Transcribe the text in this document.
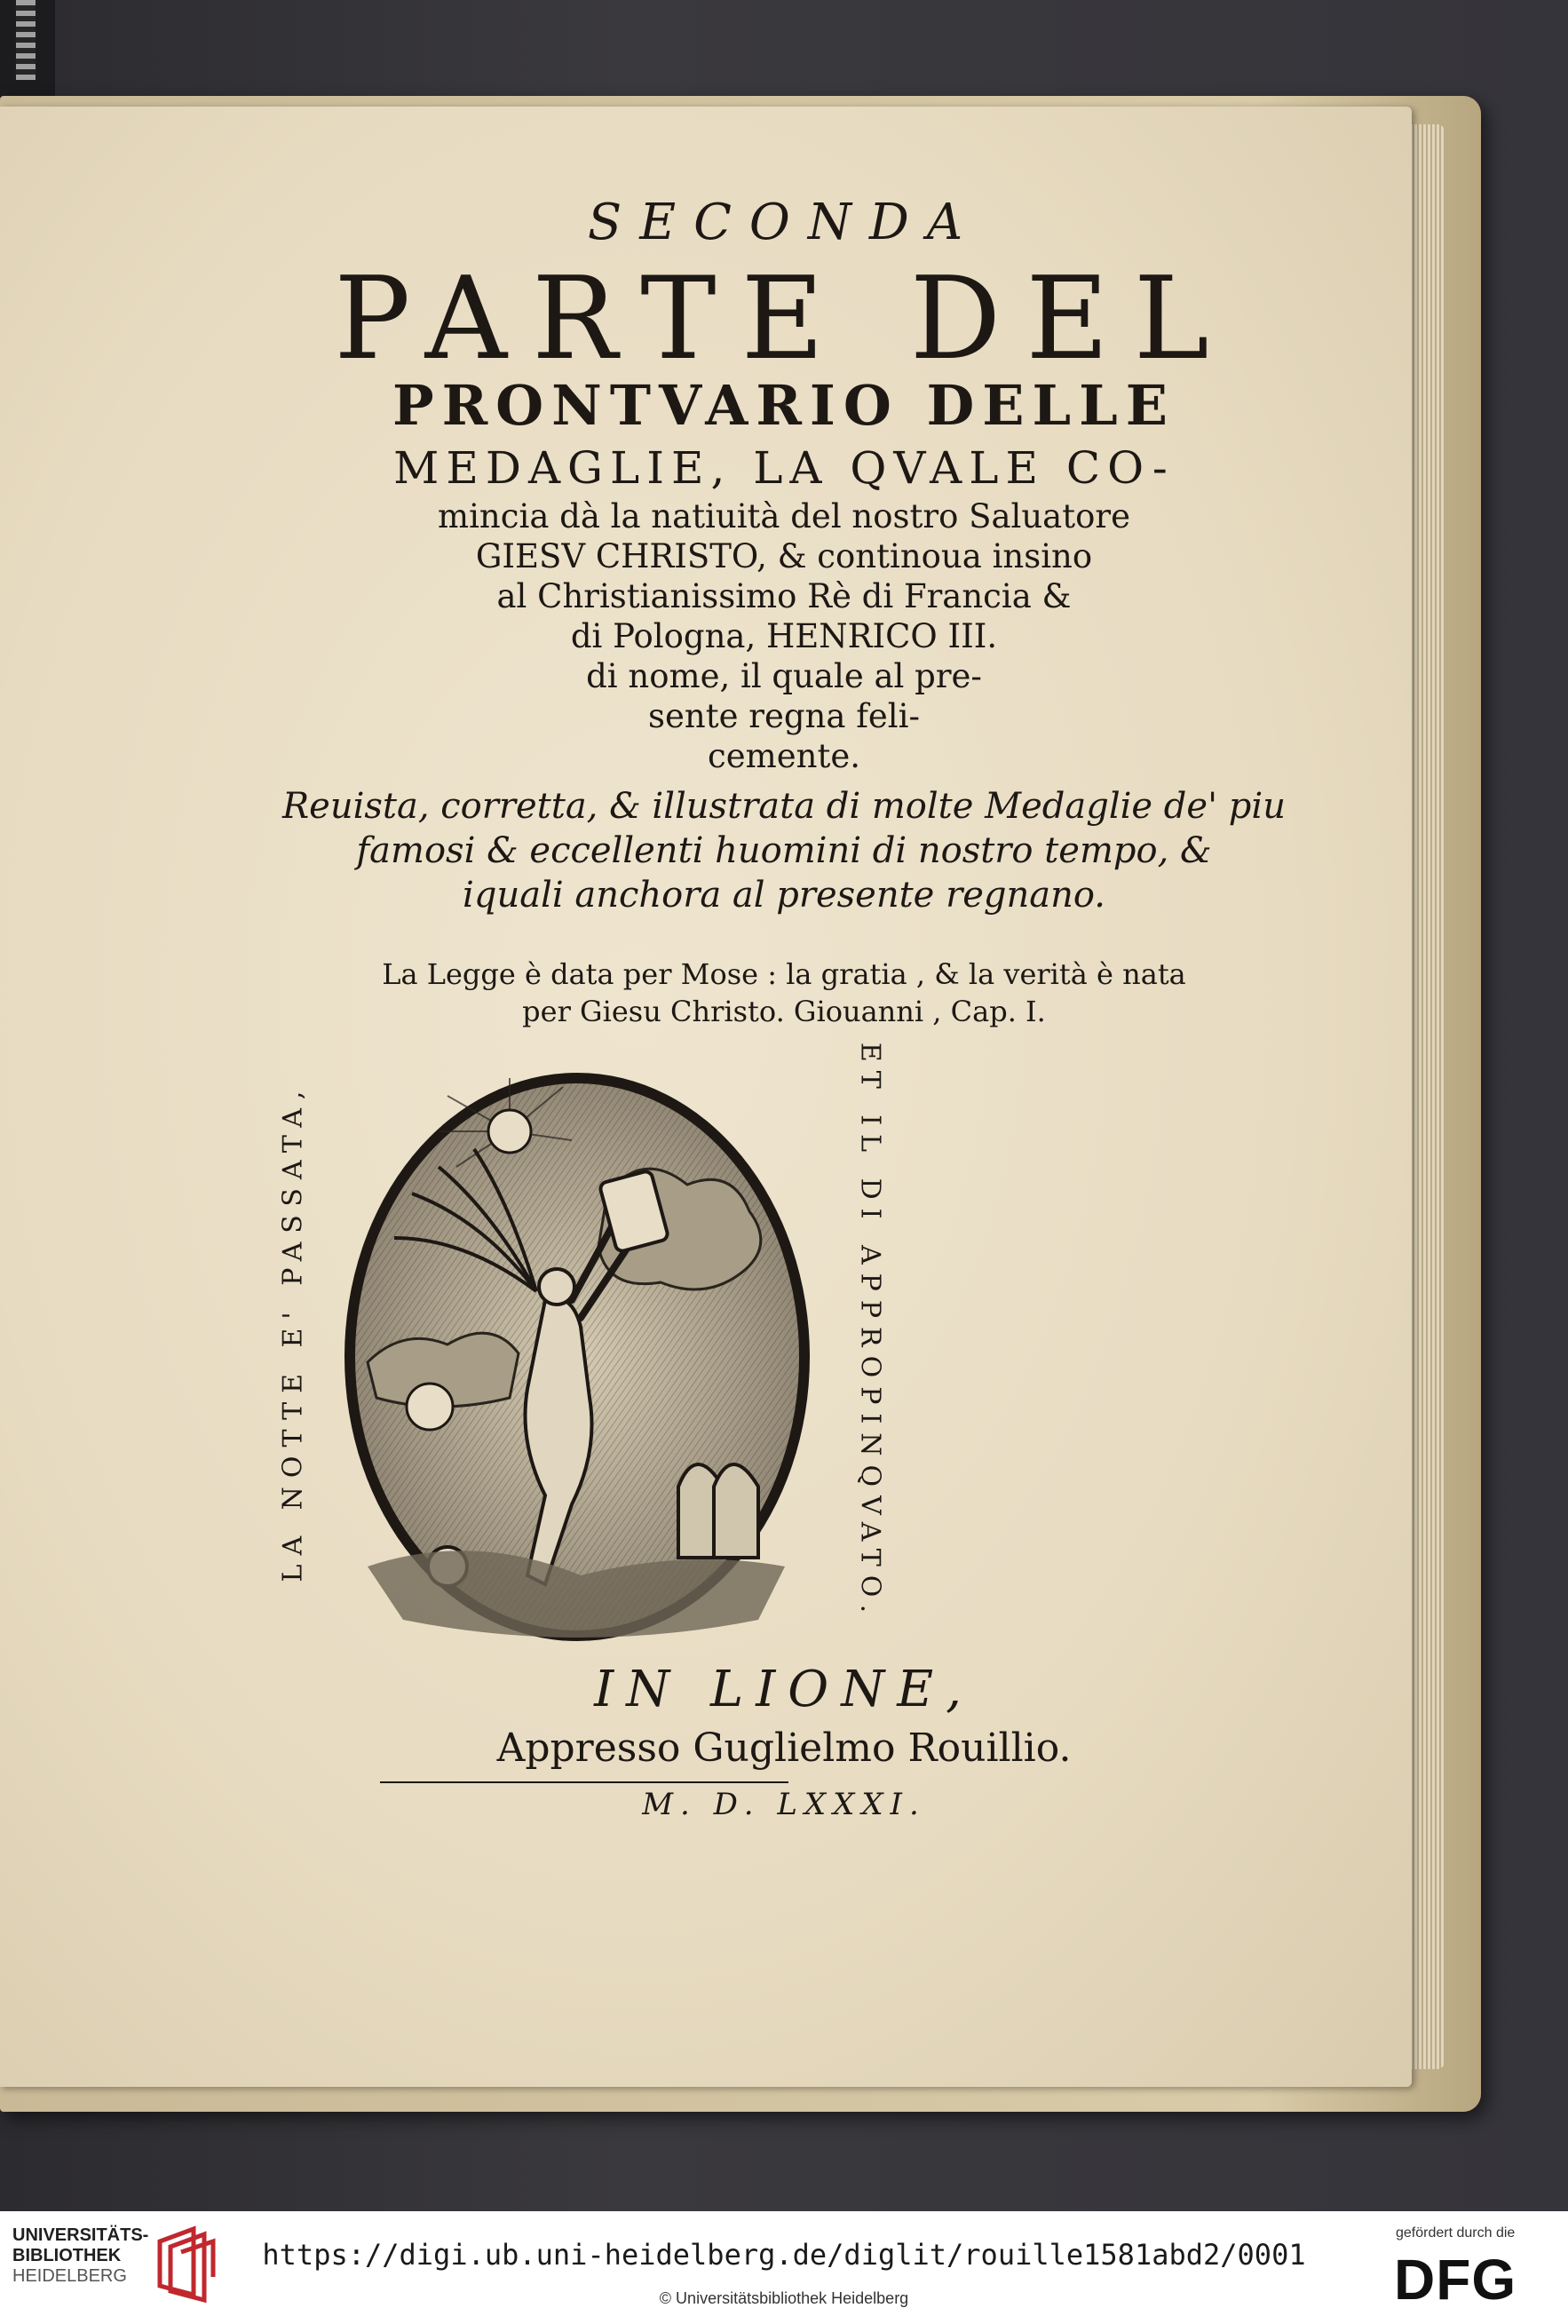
SECONDA
PARTE DEL
PRONTVARIO DELLE
MEDAGLIE, LA QVALE CO-
mincia dà la natiuità del nostro Saluatore
GIESV CHRISTO, & continoua insino
al Christianissimo Rè di Francia &
di Pologna, HENRICO III.
di nome, il quale al pre-
sente regna feli-
cemente.
Reuista, corretta, & illustrata di molte Medaglie de' piu
famosi & eccellenti huomini di nostro tempo, &
iquali anchora al presente regnano.
La Legge è data per Mose : la gratia , & la verità è nata
per Giesu Christo. Giouanni , Cap. I.
LA NOTTE E' PASSATA,	ET IL DI APPROPINQVATO.
IN LIONE,
Appresso Guglielmo Rouillio.
M. D. LXXXI.
UNIVERSITÄTS-
BIBLIOTHEK
HEIDELBERG
https://digi.ub.uni-heidelberg.de/diglit/rouille1581abd2/0001
© Universitätsbibliothek Heidelberg
gefördert durch die
DFG
